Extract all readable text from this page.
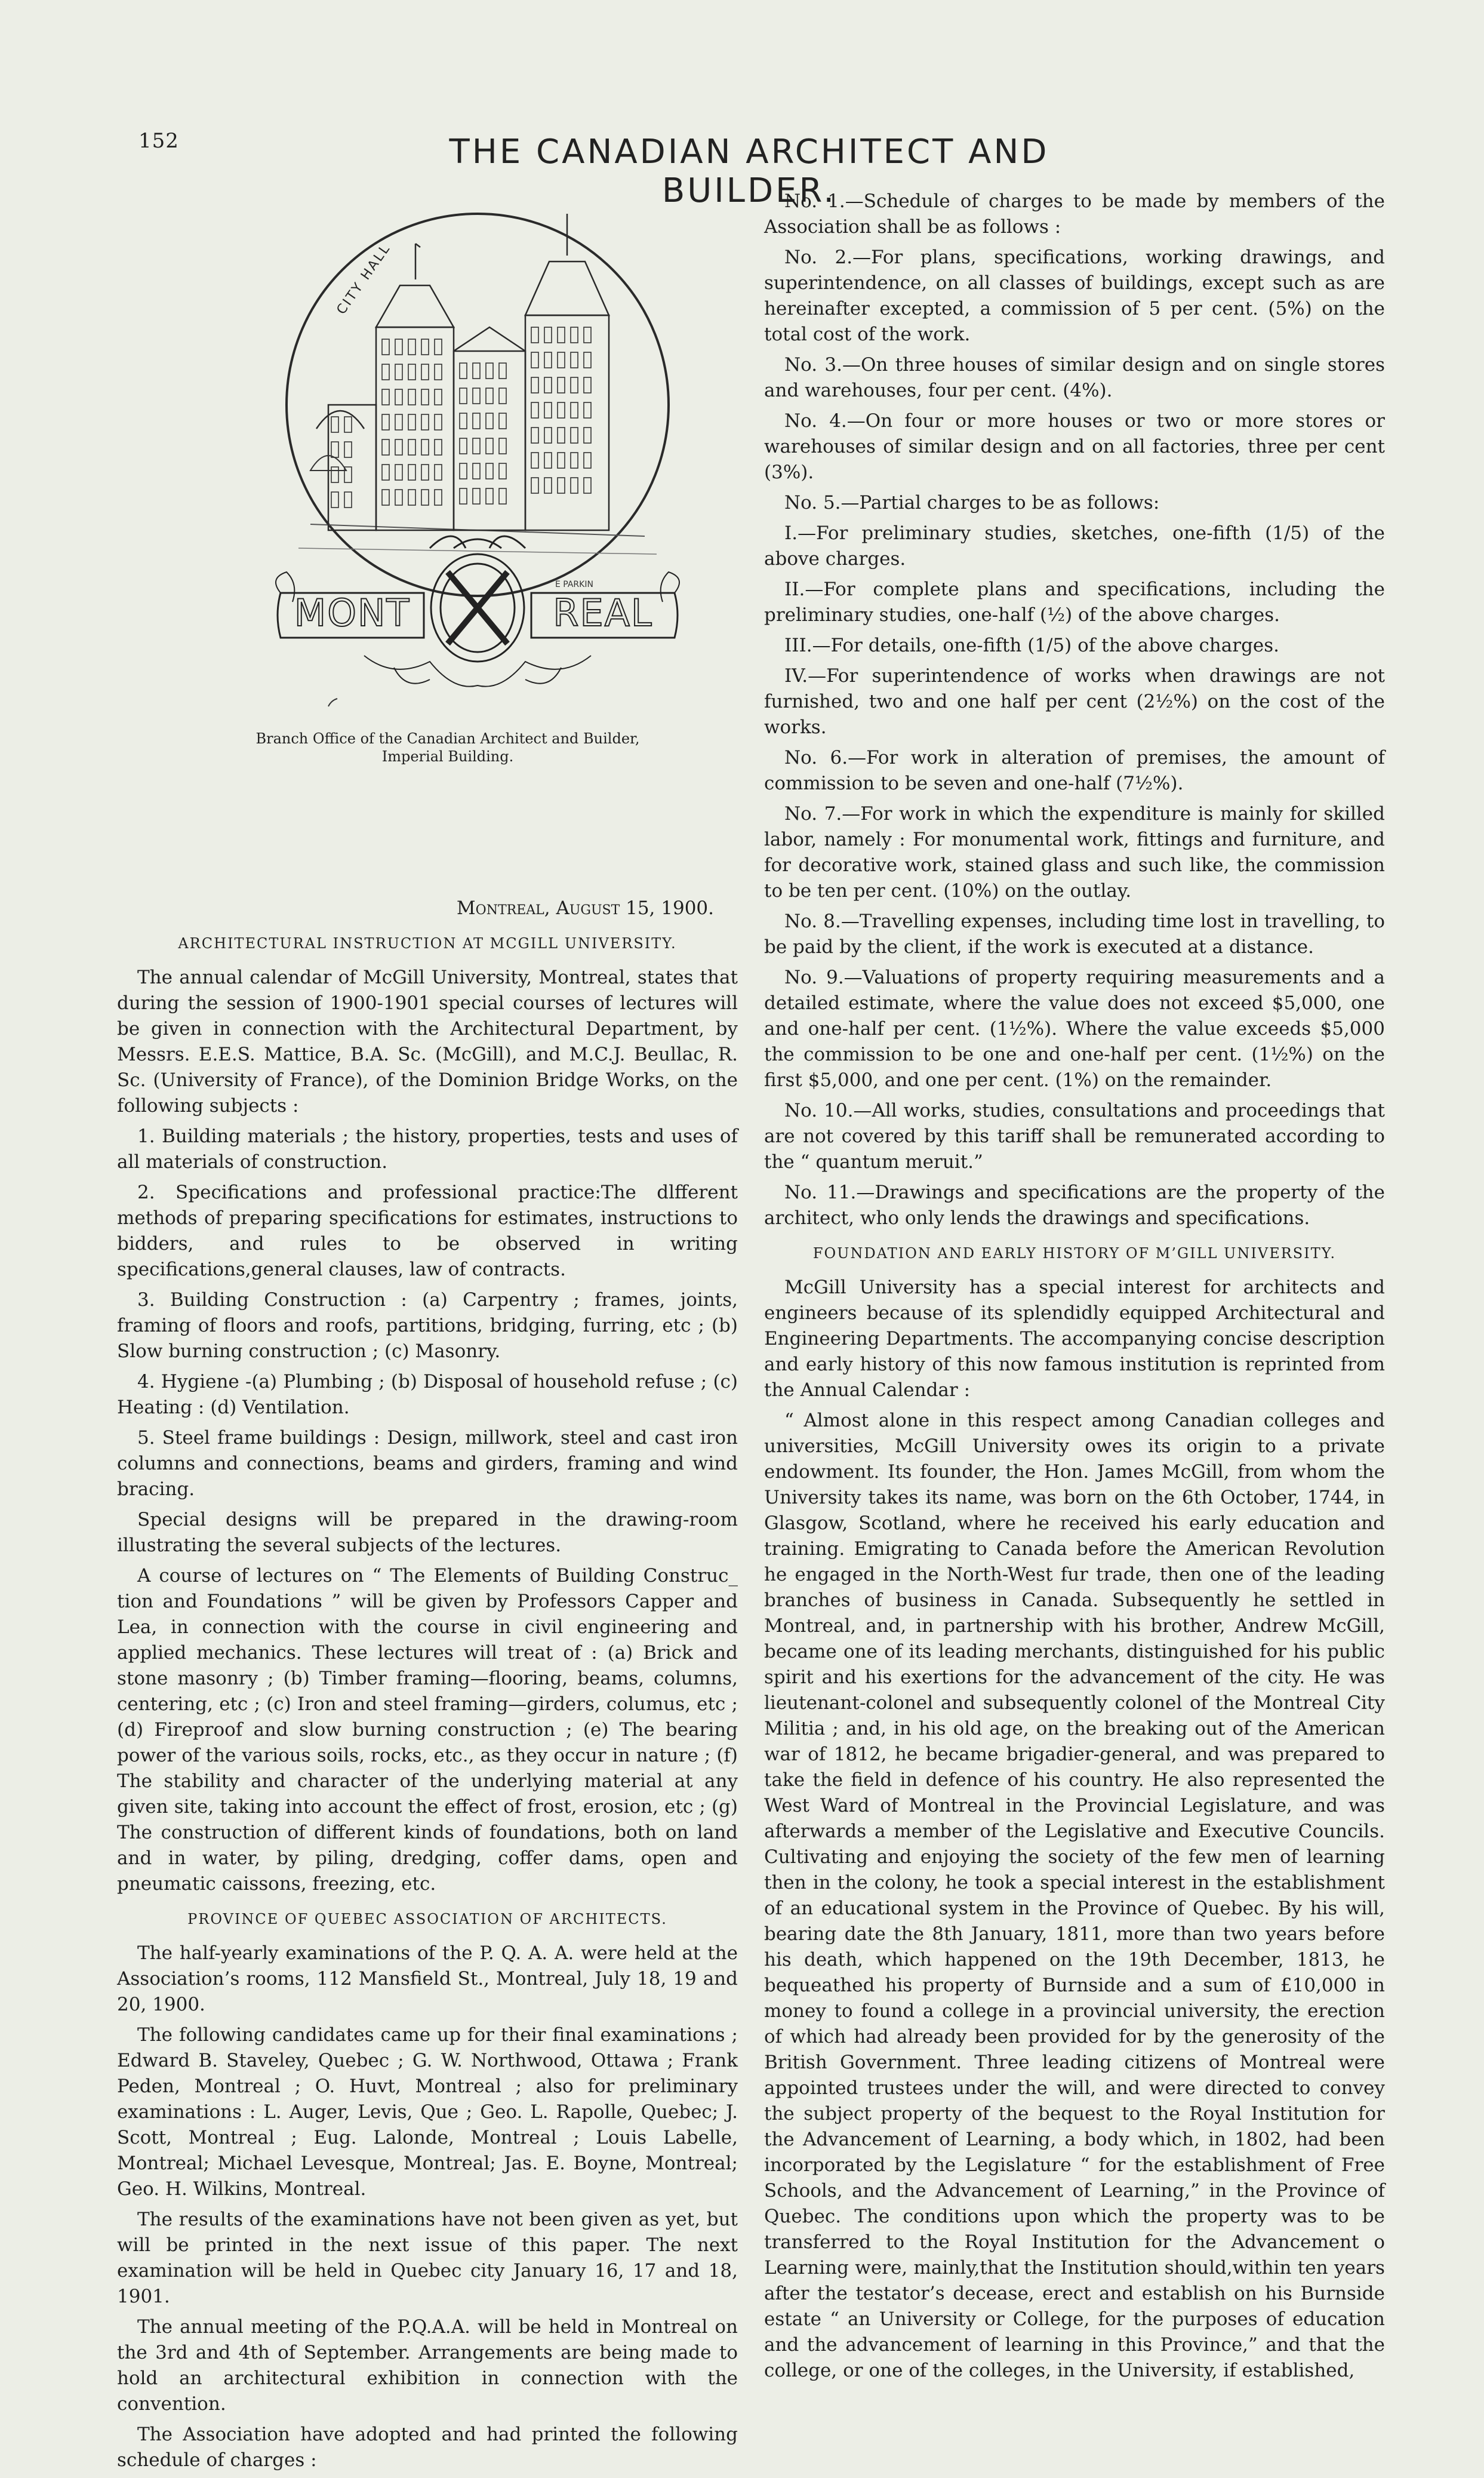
152	THE CANADIAN ARCHITECT AND BUILDER.
MONT	REAL
E PARKIN
CITY HALL
Branch Office of the Canadian Architect and Builder,
Imperial Building.
Montreal, August 15, 1900.
ARCHITECTURAL INSTRUCTION AT MCGILL UNIVERSITY.

The annual calendar of McGill University, Montreal, states that during the session of 1900-1901 special courses of lectures will be given in connection with the Architectural Department, by Messrs. E.E.S. Mattice, B.A. Sc. (McGill), and M.C.J. Beullac, R. Sc. (University of France), of the Dominion Bridge Works, on the following subjects :

1. Building materials ; the history, properties, tests and uses of all materials of construction.

2. Specifications and professional practice:The dlfferent methods of preparing specifications for estimates, instructions to bidders, and rules to be observed in writing specifications,general clauses, law of contracts.

3. Building Construction : (a) Carpentry ; frames, joints, framing of floors and roofs, partitions, bridging, furring, etc ; (b) Slow burning construction ; (c) Masonry.

4. Hygiene -(a) Plumbing ; (b) Disposal of household refuse ; (c) Heating : (d) Ventilation.

5. Steel frame buildings : Design, millwork, steel and cast iron columns and connections, beams and girders, framing and wind bracing.

Special designs will be prepared in the drawing-room illustrating the several subjects of the lectures.

A course of lectures on “ The Elements of Building Construc_ tion and Foundations ” will be given by Professors Capper and Lea, in connection with the course in civil engineering and applied mechanics. These lectures will treat of : (a) Brick and stone masonry ; (b) Timber framing—flooring, beams, columns, centering, etc ; (c) Iron and steel framing—girders, columus, etc ; (d) Fireproof and slow burning construction ; (e) The bearing power of the various soils, rocks, etc., as they occur in nature ; (f) The stability and character of the underlying material at any given site, taking into account the effect of frost, erosion, etc ; (g) The construction of different kinds of foundations, both on land and in water, by piling, dredging, coffer dams, open and pneumatic caissons, freezing, etc.

PROVINCE OF QUEBEC ASSOCIATION OF ARCHITECTS.

The half-yearly examinations of the P. Q. A. A. were held at the Association’s rooms, 112 Mansfield St., Montreal, July 18, 19 and 20, 1900.

The following candidates came up for their final examinations ; Edward B. Staveley, Quebec ; G. W. Northwood, Ottawa ; Frank Peden, Montreal ; O. Huvt, Montreal ; also for preliminary examinations : L. Auger, Levis, Que ; Geo. L. Rapolle, Quebec; J. Scott, Montreal ; Eug. Lalonde, Montreal ; Louis Labelle, Montreal; Michael Levesque, Montreal; Jas. E. Boyne, Montreal; Geo. H. Wilkins, Montreal.

The results of the examinations have not been given as yet, but will be printed in the next issue of this paper. The next examination will be held in Quebec city January 16, 17 and 18, 1901.

The annual meeting of the P.Q.A.A. will be held in Montreal on the 3rd and 4th of September. Arrangements are being made to hold an architectural exhibition in connection with the convention.

The Association have adopted and had printed the following schedule of charges :

No. 1.—Schedule of charges to be made by members of the Association shall be as follows :

No. 2.—For plans, specifications, working drawings, and superintendence, on all classes of buildings, except such as are hereinafter excepted, a commission of 5 per cent. (5%) on the total cost of the work.

No. 3.—On three houses of similar design and on single stores and warehouses, four per cent. (4%).

No. 4.—On four or more houses or two or more stores or warehouses of similar design and on all factories, three per cent (3%).

No. 5.—Partial charges to be as follows:

I.—For preliminary studies, sketches, one-fifth (1/5) of the above charges.

II.—For complete plans and specifications, including the preliminary studies, one-half (½) of the above charges.

III.—For details, one-fifth (1/5) of the above charges.

IV.—For superintendence of works when drawings are not furnished, two and one half per cent (2½%) on the cost of the works.

No. 6.—For work in alteration of premises, the amount of commission to be seven and one-half (7½%).

No. 7.—For work in which the expenditure is mainly for skilled labor, namely : For monumental work, fittings and furniture, and for decorative work, stained glass and such like, the commission to be ten per cent. (10%) on the outlay.

No. 8.—Travelling expenses, including time lost in travelling, to be paid by the client, if the work is executed at a distance.

No. 9.—Valuations of property requiring measurements and a detailed estimate, where the value does not exceed $5,000, one and one-half per cent. (1½%). Where the value exceeds $5,000 the commission to be one and one-half per cent. (1½%) on the first $5,000, and one per cent. (1%) on the remainder.

No. 10.—All works, studies, consultations and proceedings that are not covered by this tariff shall be remunerated according to the “ quantum meruit.”

No. 11.—Drawings and specifications are the property of the architect, who only lends the drawings and specifications.

FOUNDATION AND EARLY HISTORY OF M’GILL UNIVERSITY.

McGill University has a special interest for architects and engineers because of its splendidly equipped Architectural and Engineering Departments. The accompanying concise description and early history of this now famous institution is reprinted from the Annual Calendar :

“ Almost alone in this respect among Canadian colleges and universities, McGill University owes its origin to a private endowment. Its founder, the Hon. James McGill, from whom the University takes its name, was born on the 6th October, 1744, in Glasgow, Scotland, where he received his early education and training. Emigrating to Canada before the American Revolution he engaged in the North-West fur trade, then one of the leading branches of business in Canada. Subsequently he settled in Montreal, and, in partnership with his brother, Andrew McGill, became one of its leading merchants, distinguished for his public spirit and his exertions for the advancement of the city. He was lieutenant-colonel and subsequently colonel of the Montreal City Militia ; and, in his old age, on the breaking out of the American war of 1812, he became brigadier-general, and was prepared to take the field in defence of his country. He also represented the West Ward of Montreal in the Provincial Legislature, and was afterwards a member of the Legislative and Executive Councils. Cultivating and enjoying the society of the few men of learning then in the colony, he took a special interest in the establishment of an educational system in the Province of Quebec. By his will, bearing date the 8th January, 1811, more than two years before his death, which happened on the 19th December, 1813, he bequeathed his property of Burnside and a sum of £10,000 in money to found a college in a provincial university, the erection of which had already been provided for by the generosity of the British Government. Three leading citizens of Montreal were appointed trustees under the will, and were directed to convey the subject property of the bequest to the Royal Institution for the Advancement of Learning, a body which, in 1802, had been incorporated by the Legislature “ for the establishment of Free Schools, and the Advancement of Learning,” in the Province of Quebec. The conditions upon which the property was to be transferred to the Royal Institution for the Advancement o Learning were, mainly,that the Institution should,within ten years after the testator’s decease, erect and establish on his Burnside estate “ an University or College, for the purposes of education and the advancement of learning in this Province,” and that the college, or one of the colleges, in the University, if established,
